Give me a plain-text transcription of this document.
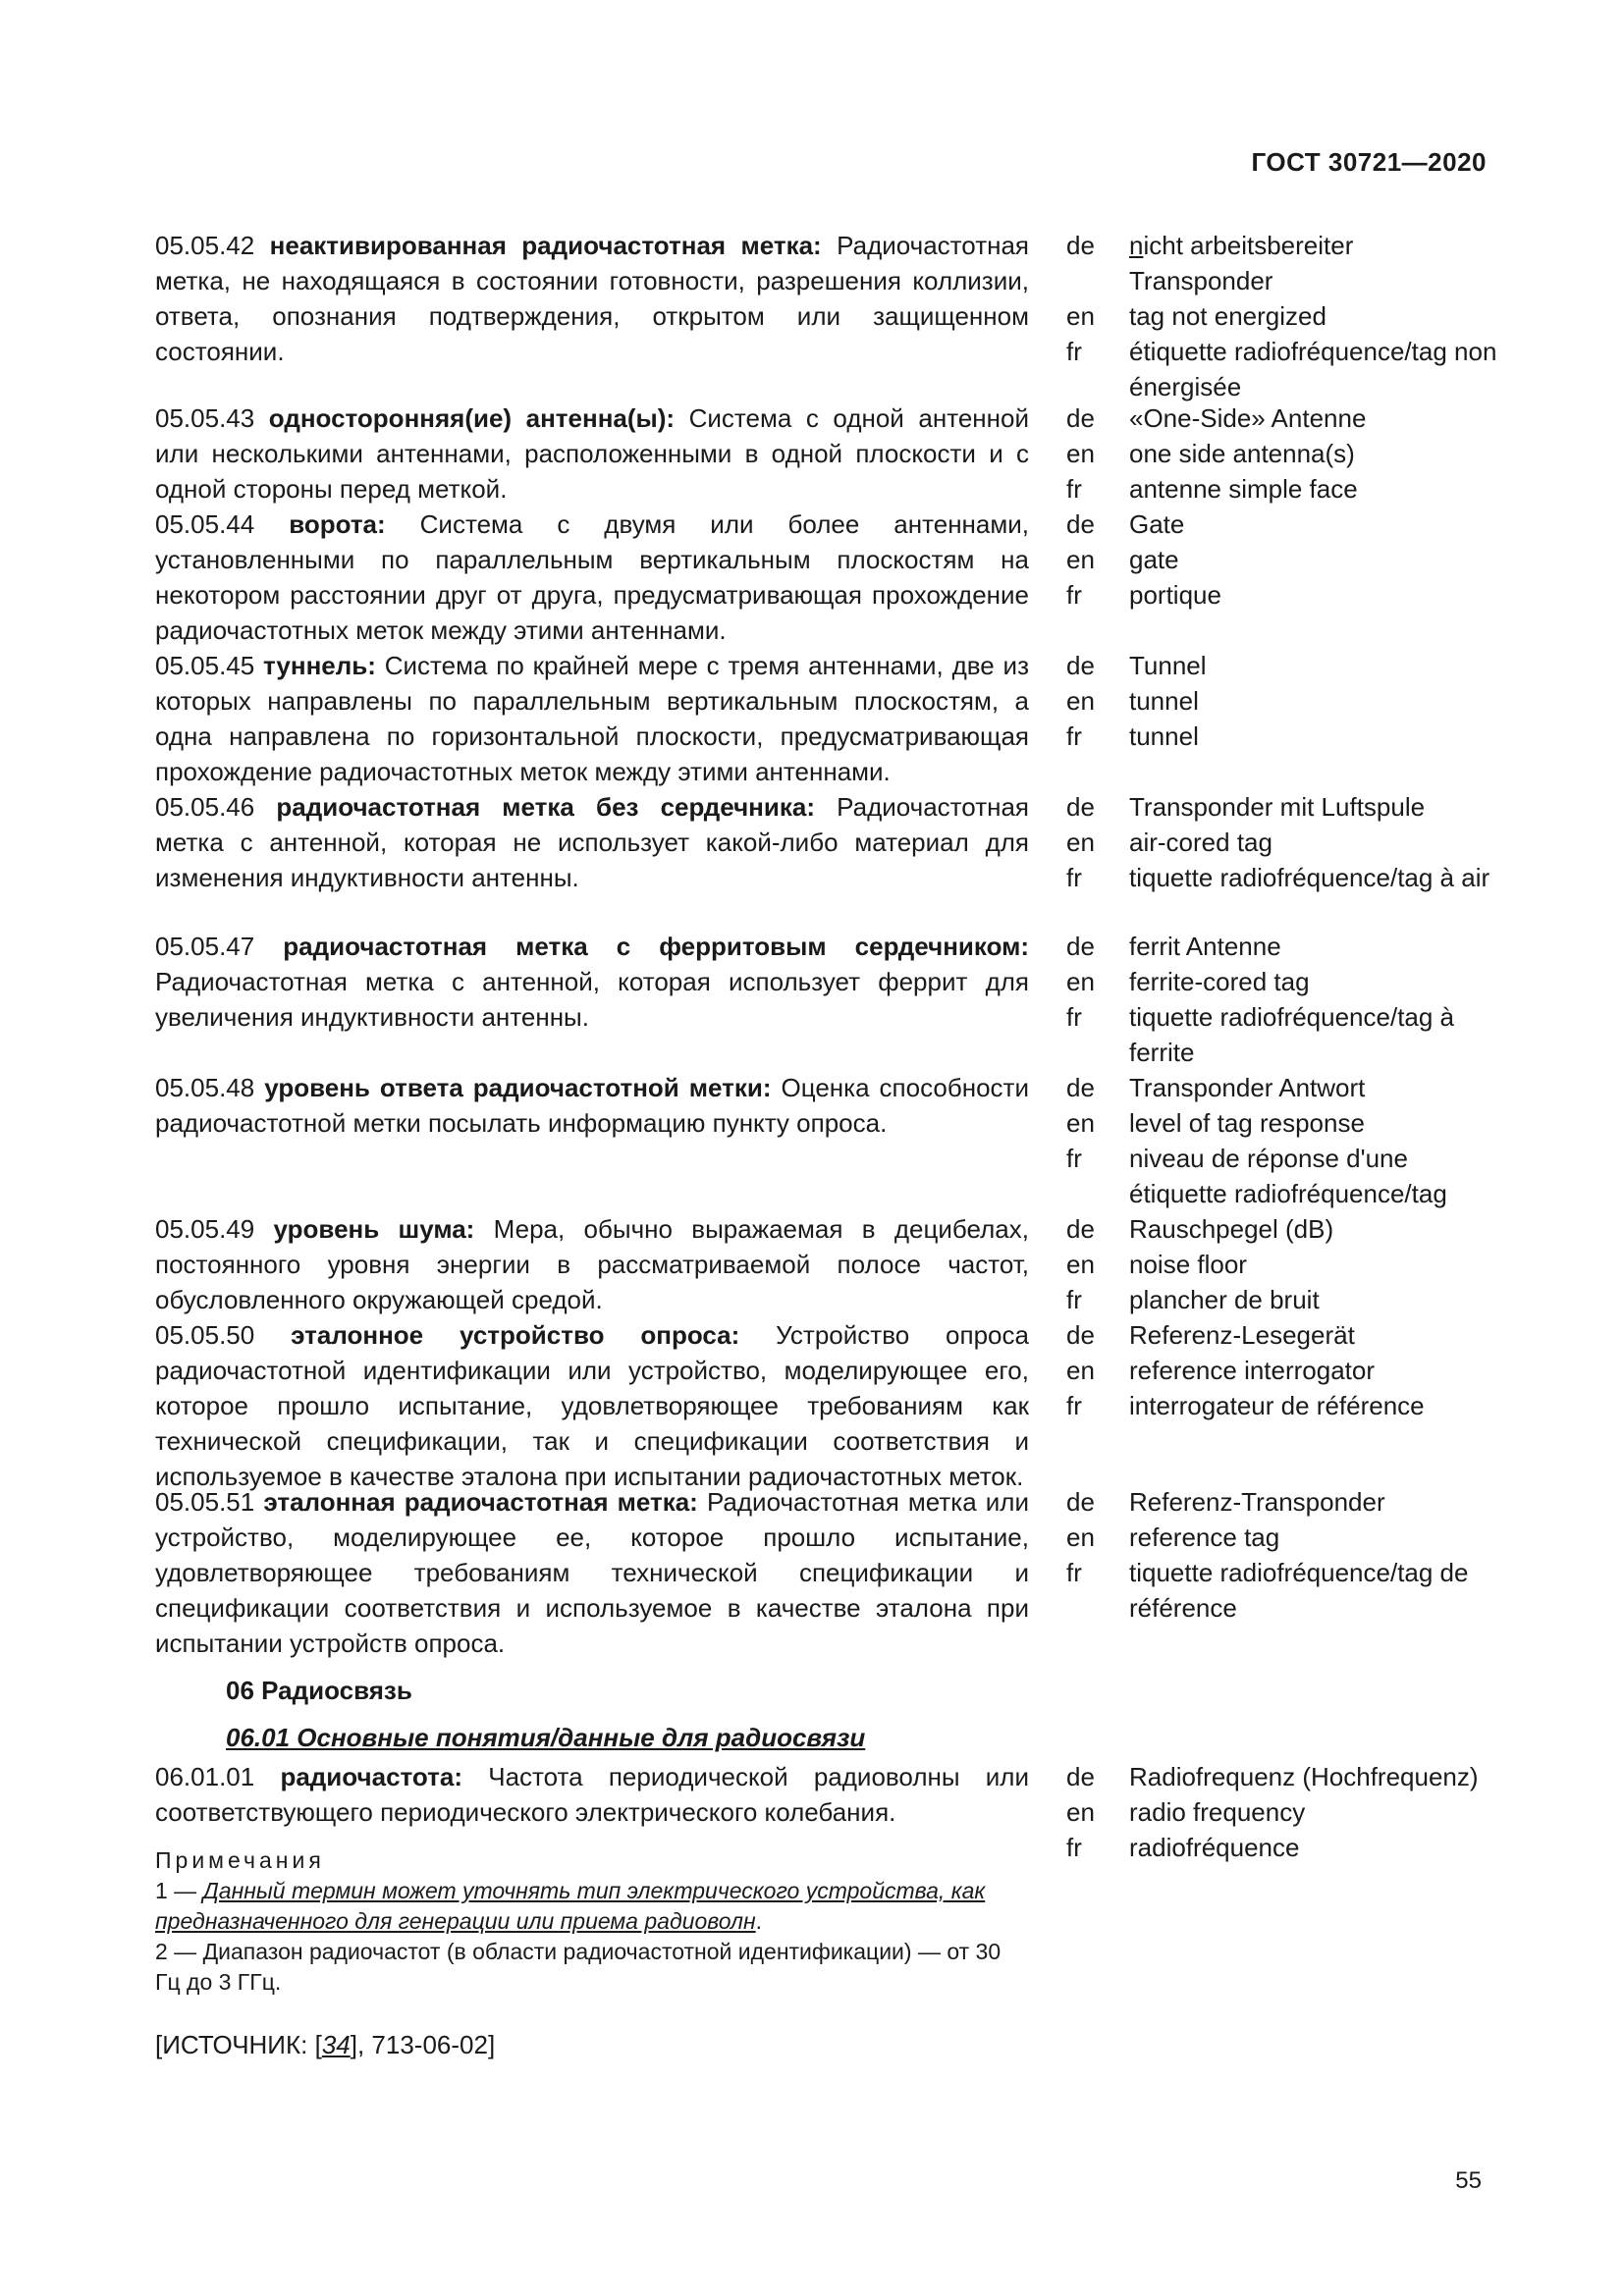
ГОСТ 30721—2020
05.05.42 неактивированная радиочастотная метка: Радиочастотная метка, не находящаяся в состоянии готовности, разрешения коллизии, ответа, опознания подтверждения, открытом или защищенном состоянии.
de	nicht arbeitsbereiter Transponder
en	tag not energized
fr	étiquette radiofréquence/tag non énergisée
05.05.43 односторонняя(ие) антенна(ы): Система с одной антенной или несколькими антеннами, расположенными в одной плоскости и с одной стороны перед меткой.
de	«One-Side» Antenne
en	one side antenna(s)
fr	antenne simple face
05.05.44 ворота: Система с двумя или более антеннами, установленными по параллельным вертикальным плоскостям на некотором расстоянии друг от друга, предусматривающая прохождение радиочастотных меток между этими антеннами.
de	Gate
en	gate
fr	portique
05.05.45 туннель: Система по крайней мере с тремя антеннами, две из которых направлены по параллельным вертикальным плоскостям, а одна направлена по горизонтальной плоскости, предусматривающая прохождение радиочастотных меток между этими антеннами.
de	Tunnel
en	tunnel
fr	tunnel
05.05.46 радиочастотная метка без сердечника: Радиочастотная метка с антенной, которая не использует какой-либо материал для изменения индуктивности антенны.
de	Transponder mit Luftspule
en	air-cored tag
fr	tiquette radiofréquence/tag à air
05.05.47 радиочастотная метка с ферритовым сердечником: Радиочастотная метка с антенной, которая использует феррит для увеличения индуктивности антенны.
de	ferrit Antenne
en	ferrite-cored tag
fr	tiquette radiofréquence/tag à ferrite
05.05.48 уровень ответа радиочастотной метки: Оценка способности радиочастотной метки посылать информацию пункту опроса.
de	Transponder Antwort
en	level of tag response
fr	niveau de réponse d'une étiquette radiofréquence/tag
05.05.49 уровень шума: Мера, обычно выражаемая в децибелах, постоянного уровня энергии в рассматриваемой полосе частот, обусловленного окружающей средой.
de	Rauschpegel (dB)
en	noise floor
fr	plancher de bruit
05.05.50 эталонное устройство опроса: Устройство опроса радиочастотной идентификации или устройство, моделирующее его, которое прошло испытание, удовлетворяющее требованиям как технической спецификации, так и спецификации соответствия и используемое в качестве эталона при испытании радиочастотных меток.
de	Referenz-Lesegerät
en	reference interrogator
fr	interrogateur de référence
05.05.51 эталонная радиочастотная метка: Радиочастотная метка или устройство, моделирующее ее, которое прошло испытание, удовлетворяющее требованиям технической спецификации и спецификации соответствия и используемое в качестве эталона при испытании устройств опроса.
de	Referenz-Transponder
en	reference tag
fr	tiquette radiofréquence/tag de référence
06 Радиосвязь
06.01 Основные понятия/данные для радиосвязи
06.01.01 радиочастота: Частота периодической радиоволны или соответствующего периодического электрического колебания.
de	Radiofrequenz (Hochfrequenz)
en	radio frequency
fr	radiofréquence
Примечания
1 — Данный термин может уточнять тип электрического устройства, как предназначенного для генерации или приема радиоволн.
2 — Диапазон радиочастот (в области радиочастотной идентификации) — от 30 Гц до 3 ГГц.
[ИСТОЧНИК: [34], 713-06-02]
55
